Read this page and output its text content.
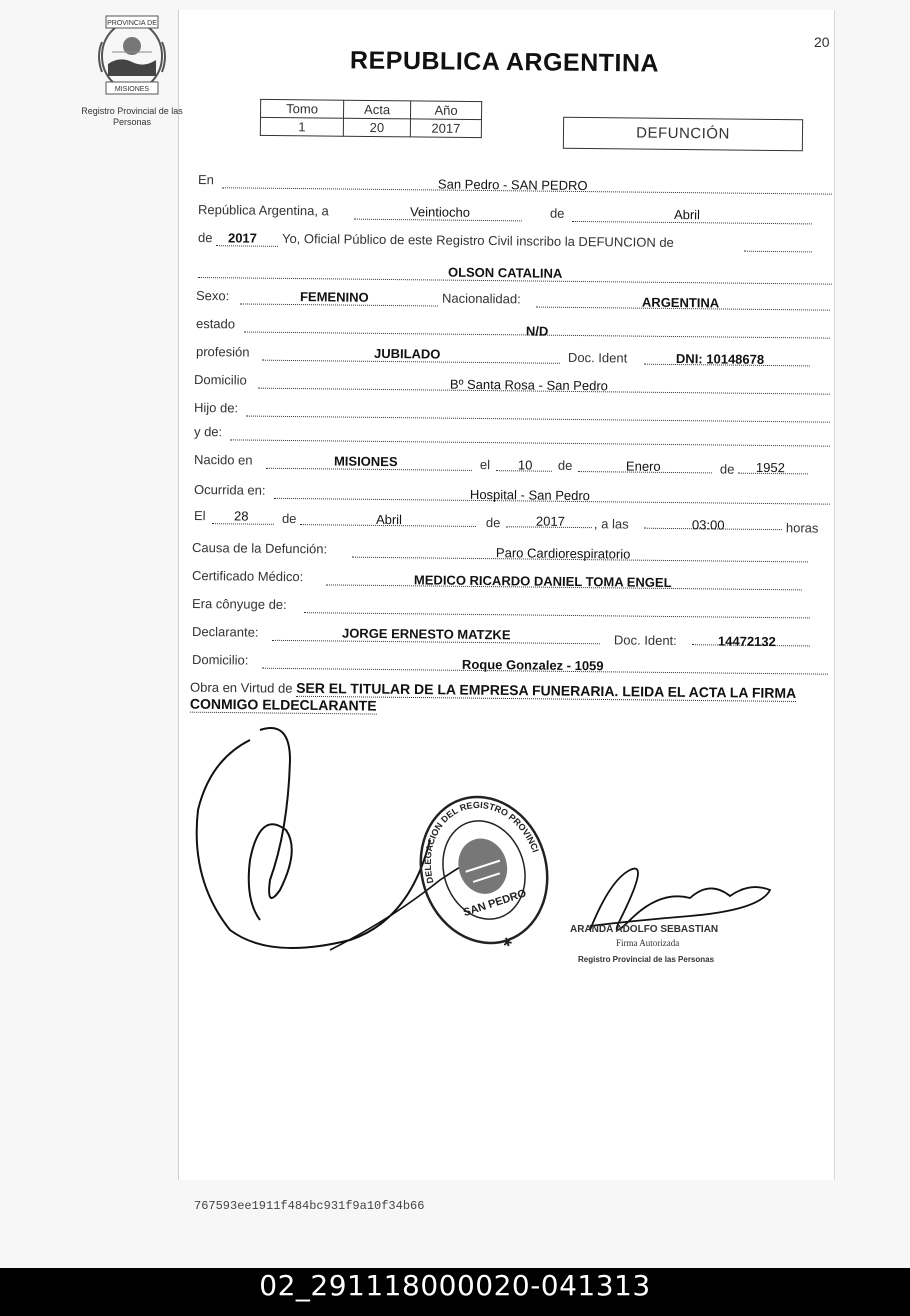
Registro Provincial de las Personas
20
REPUBLICA ARGENTINA
Tomo	Acta	Año
1	20	2017	DEFUNCIÓN
En	San Pedro - SAN PEDRO
República Argentina, a	Veintiocho	de	Abril
de 2017 Yo, Oficial Público de este Registro Civil inscribo la DEFUNCION de
OLSON CATALINA
Sexo:	FEMENINO	Nacionalidad:	ARGENTINA
estado	N/D
profesión	JUBILADO	Doc. Ident	DNI: 10148678
Domicilio	Bº Santa Rosa - San Pedro
Hijo de:
y de:
Nacido en	MISIONES	el 10 de	Enero	de 1952
Ocurrida en:	Hospital - San Pedro
El 28	de	Abril	de	2017 , a las	03:00	horas
Causa de la Defunción:	Paro Cardiorespiratorio
Certificado Médico:	MEDICO RICARDO DANIEL TOMA ENGEL
Era cônyuge de:
Declarante:	JORGE ERNESTO MATZKE	Doc. Ident:	14472132
Domicilio:	Roque Gonzalez - 1059
Obra en Virtud de SER EL TITULAR DE LA EMPRESA FUNERARIA. LEIDA EL ACTA LA FIRMA CONMIGO ELDECLARANTE
DELEGACION DEL REGISTRO PROVINCIAL
SAN PEDRO
✱
ARANDA ADOLFO SEBASTIAN
Firma Autorizada
Registro Provincial de las Personas
767593ee1911f484bc931f9a10f34b66
02_291118000020-041313
PROVINCIA DE
MISIONES
